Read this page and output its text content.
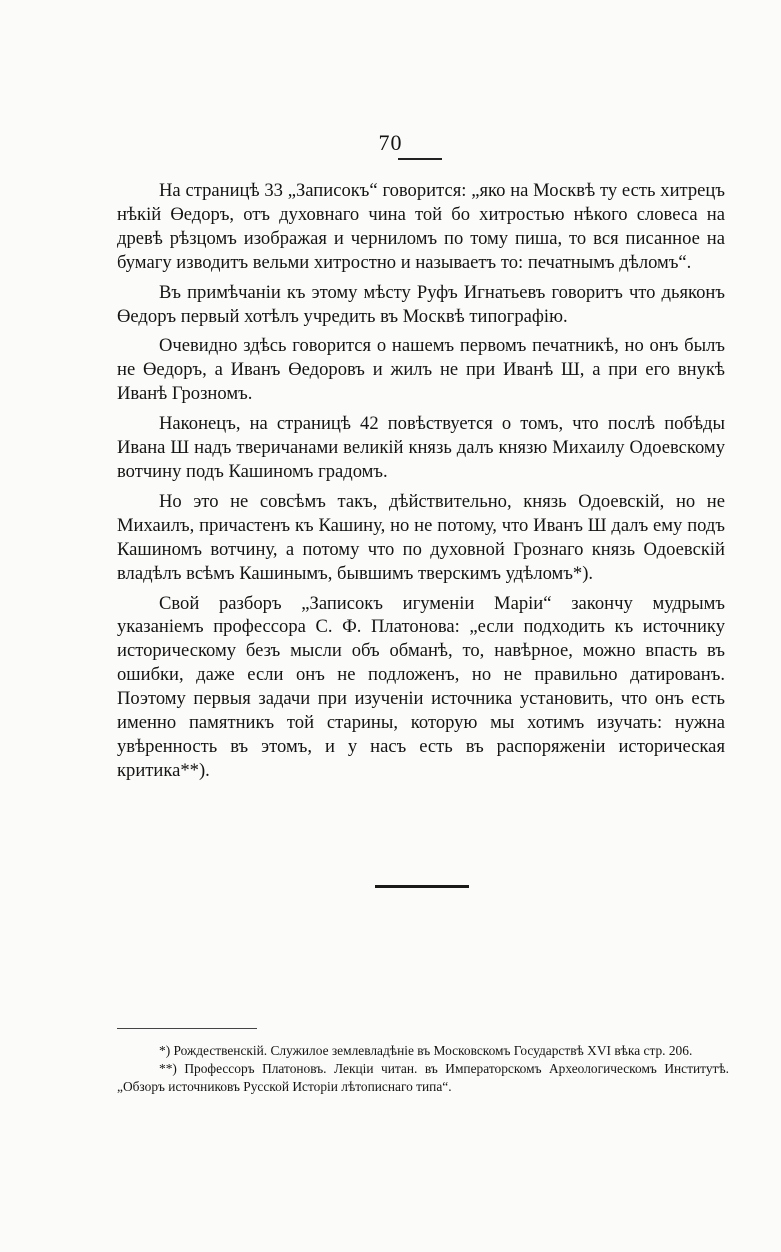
70

На страницѣ 33 „Записокъ“ говорится: „яко на Москвѣ ту есть хитрецъ нѣкій Өедоръ, отъ духовнаго чина той бо хитростью нѣкого словеса на древѣ рѣзцомъ изображая и черниломъ по тому пиша, то вся писанное на бумагу изводитъ вельми хитростно и называетъ то: печатнымъ дѣломъ“.

Въ примѣчаніи къ этому мѣсту Руфъ Игнатьевъ говоритъ что дьяконъ Өедоръ первый хотѣлъ учредить въ Москвѣ типографію.

Очевидно здѣсь говорится о нашемъ первомъ печатникѣ, но онъ былъ не Өедоръ, а Иванъ Өедоровъ и жилъ не при Иванѣ Ш, а при его внукѣ Иванѣ Грозномъ.

Наконецъ, на страницѣ 42 повѣствуется о томъ, что послѣ побѣды Ивана Ш надъ тверичанами великій князь далъ князю Михаилу Одоевскому вотчину подъ Кашиномъ градомъ.

Но это не совсѣмъ такъ, дѣйствительно, князь Одоевскій, но не Михаилъ, причастенъ къ Кашину, но не потому, что Иванъ Ш далъ ему подъ Кашиномъ вотчину, а потому что по духовной Грознаго князь Одоевскій владѣлъ всѣмъ Кашинымъ, бывшимъ тверскимъ удѣломъ*).

Свой разборъ „Записокъ игуменіи Маріи“ закончу мудрымъ указаніемъ профессора С. Ф. Платонова: „если подходить къ источнику историческому безъ мысли объ обманѣ, то, навѣрное, можно впасть въ ошибки, даже если онъ не подложенъ, но не правильно датированъ. Поэтому первыя задачи при изученіи источника установить, что онъ есть именно памятникъ той старины, которую мы хотимъ изучать: нужна увѣренность въ этомъ, и у насъ есть въ распоряженіи историческая критика**).

*) Рождественскій. Служилое землевладѣніе въ Московскомъ Государствѣ XVI вѣка стр. 206.

**) Профессоръ Платоновъ. Лекціи читан. въ Императорскомъ Археологическомъ Институтѣ. „Обзоръ источниковъ Русской Исторіи лѣтописнаго типа“.
